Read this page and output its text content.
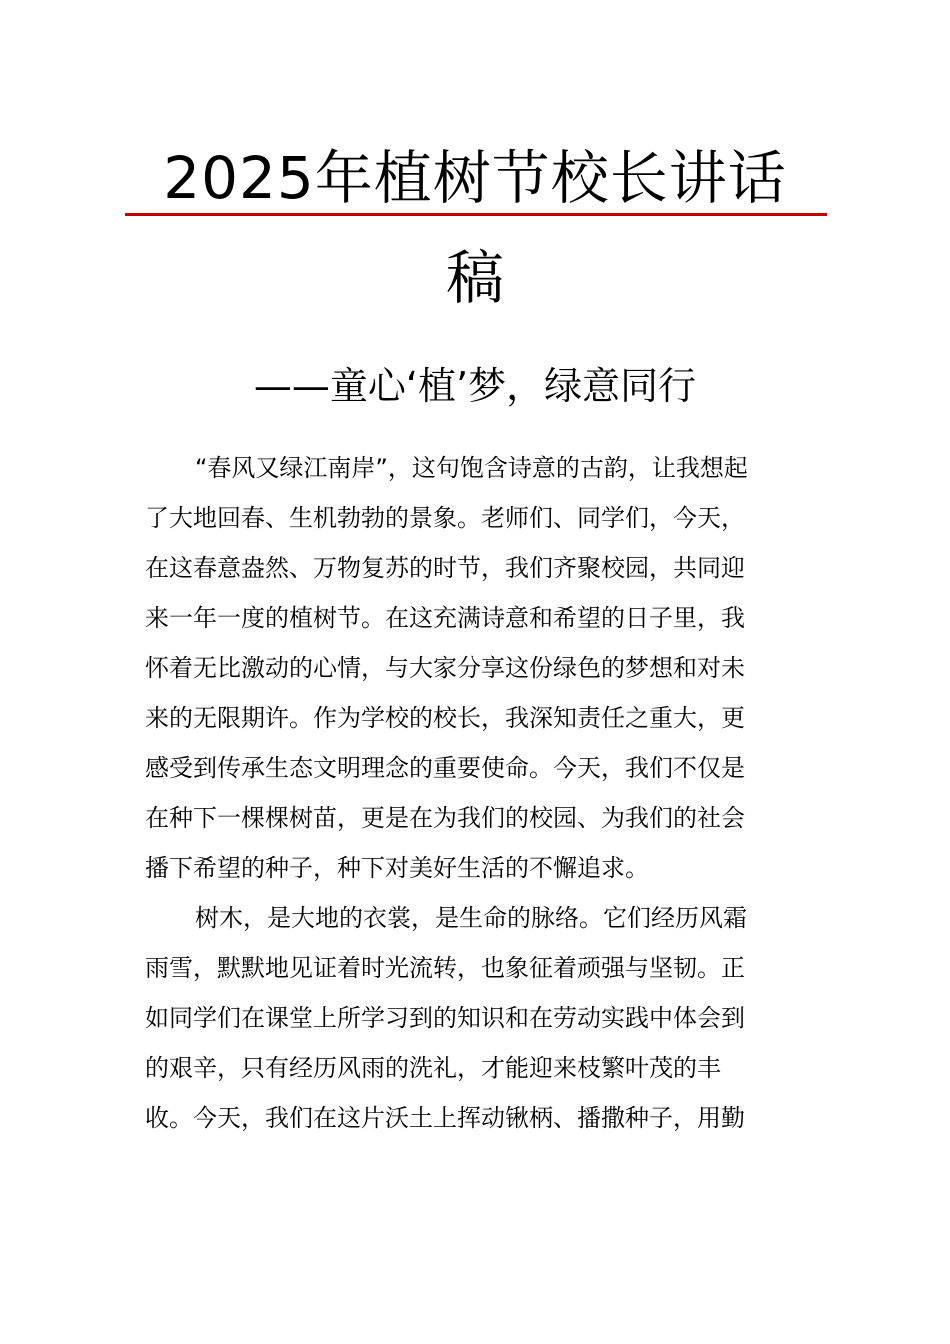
2025年植树节校长讲话
稿
——童心‘植’梦，绿意同行
“春风又绿江南岸”，这句饱含诗意的古韵，让我想起
了大地回春、生机勃勃的景象。老师们、同学们，今天，
在这春意盎然、万物复苏的时节，我们齐聚校园，共同迎
来一年一度的植树节。在这充满诗意和希望的日子里，我
怀着无比激动的心情，与大家分享这份绿色的梦想和对未
来的无限期许。作为学校的校长，我深知责任之重大，更
感受到传承生态文明理念的重要使命。今天，我们不仅是
在种下一棵棵树苗，更是在为我们的校园、为我们的社会
播下希望的种子，种下对美好生活的不懈追求。
树木，是大地的衣裳，是生命的脉络。它们经历风霜
雨雪，默默地见证着时光流转，也象征着顽强与坚韧。正
如同学们在课堂上所学习到的知识和在劳动实践中体会到
的艰辛，只有经历风雨的洗礼，才能迎来枝繁叶茂的丰
收。今天，我们在这片沃土上挥动锹柄、播撒种子，用勤
